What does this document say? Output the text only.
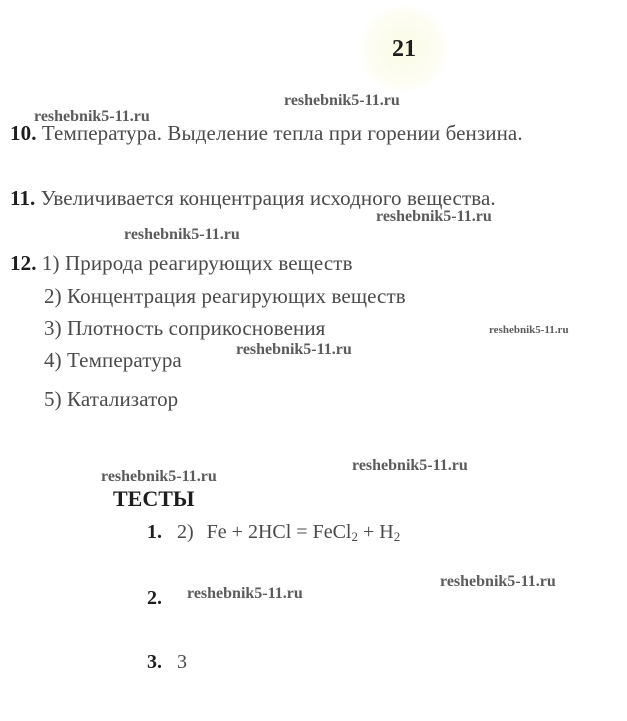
21
reshebnik5-11.ru
reshebnik5-11.ru
reshebnik5-11.ru
reshebnik5-11.ru
reshebnik5-11.ru
reshebnik5-11.ru
reshebnik5-11.ru
reshebnik5-11.ru
reshebnik5-11.ru
reshebnik5-11.ru
10. Температура. Выделение тепла при горении бензина.
11. Увеличивается концентрация исходного вещества.
12. 1) Природа реагирующих веществ
2) Концентрация реагирующих веществ
3) Плотность соприкосновения
4) Температура
5) Катализатор
ТЕСТЫ
1. 2) Fe + 2HCl = FeCl$_2$ + $H_2$
2.
3. 3
